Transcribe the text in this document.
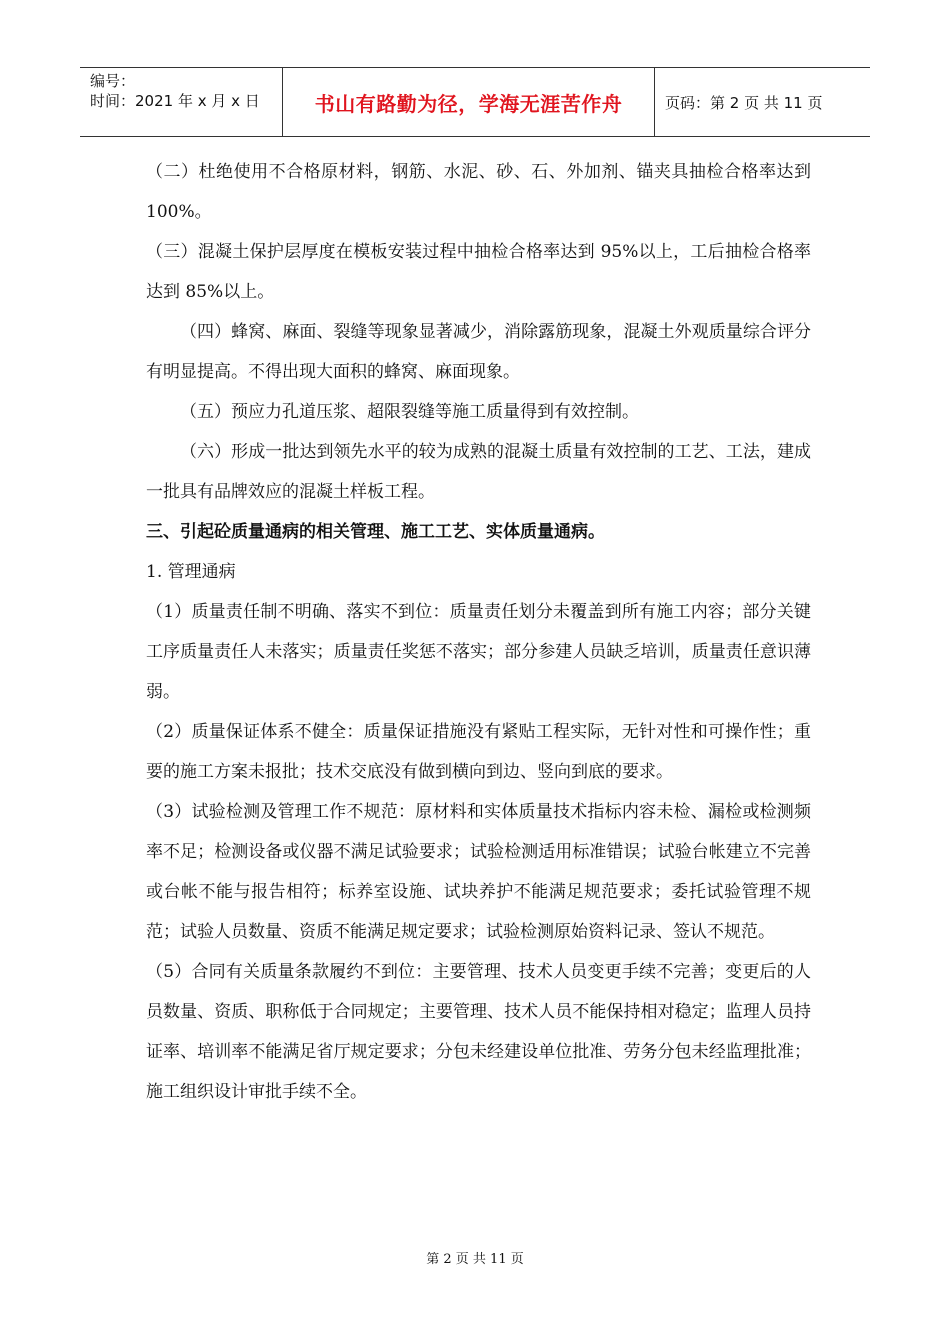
编号：
时间：2021 年 x 月 x 日	书山有路勤为径，学海无涯苦作舟	页码：第 2 页 共 11 页

（二）杜绝使用不合格原材料，钢筋、水泥、砂、石、外加剂、锚夹具抽检合格率达到 100%。

（三）混凝土保护层厚度在模板安装过程中抽检合格率达到 95%以上，工后抽检合格率达到 85%以上。

（四）蜂窝、麻面、裂缝等现象显著减少，消除露筋现象，混凝土外观质量综合评分有明显提高。不得出现大面积的蜂窝、麻面现象。

（五）预应力孔道压浆、超限裂缝等施工质量得到有效控制。

（六）形成一批达到领先水平的较为成熟的混凝土质量有效控制的工艺、工法，建成一批具有品牌效应的混凝土样板工程。

三、引起砼质量通病的相关管理、施工工艺、实体质量通病。

1. 管理通病

（1）质量责任制不明确、落实不到位：质量责任划分未覆盖到所有施工内容；部分关键工序质量责任人未落实；质量责任奖惩不落实；部分参建人员缺乏培训，质量责任意识薄弱。

（2）质量保证体系不健全：质量保证措施没有紧贴工程实际，无针对性和可操作性；重要的施工方案未报批；技术交底没有做到横向到边、竖向到底的要求。

（3）试验检测及管理工作不规范：原材料和实体质量技术指标内容未检、漏检或检测频率不足；检测设备或仪器不满足试验要求；试验检测适用标准错误；试验台帐建立不完善或台帐不能与报告相符；标养室设施、试块养护不能满足规范要求；委托试验管理不规范；试验人员数量、资质不能满足规定要求；试验检测原始资料记录、签认不规范。

（5）合同有关质量条款履约不到位：主要管理、技术人员变更手续不完善；变更后的人员数量、资质、职称低于合同规定；主要管理、技术人员不能保持相对稳定；监理人员持证率、培训率不能满足省厅规定要求；分包未经建设单位批准、劳务分包未经监理批准；施工组织设计审批手续不全。

第 2 页 共 11 页
